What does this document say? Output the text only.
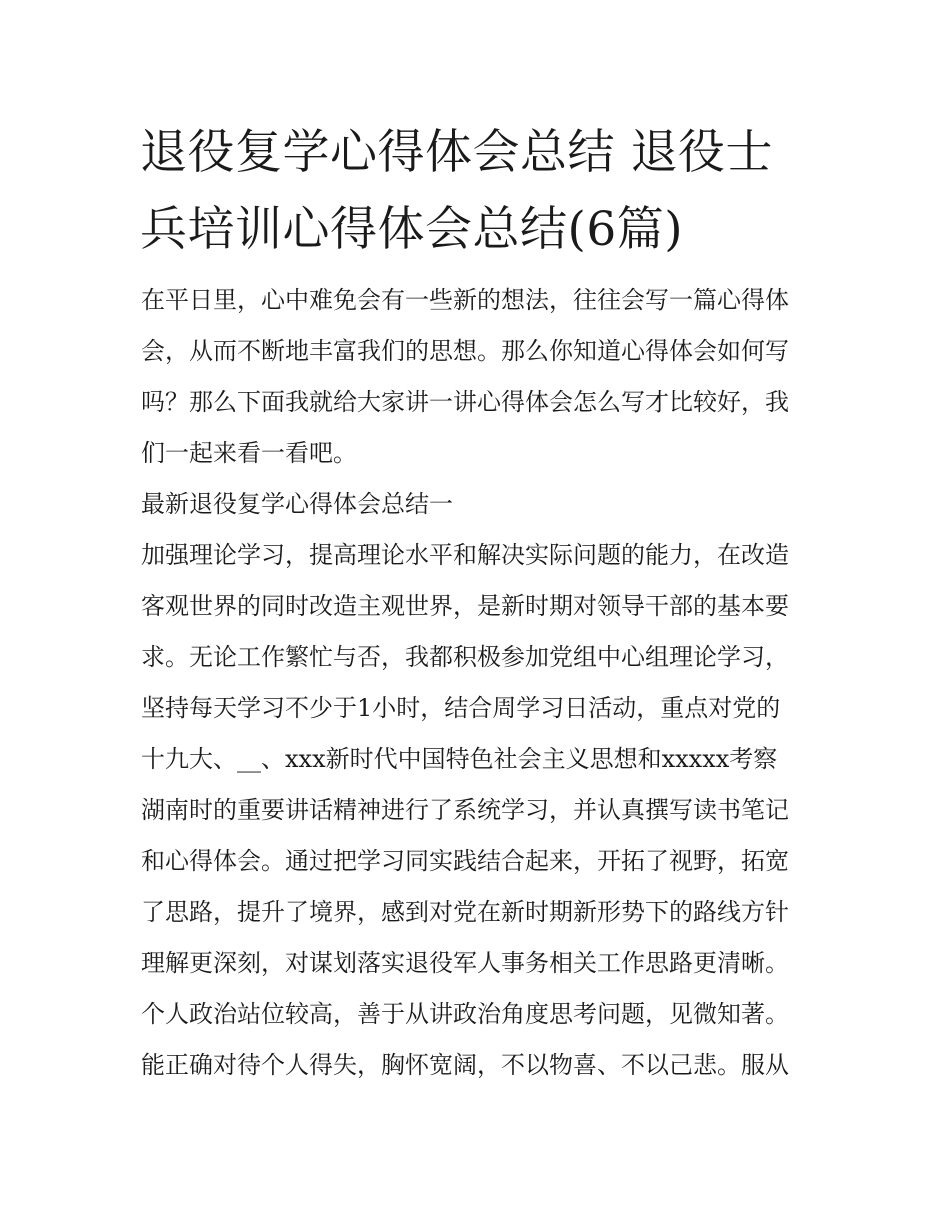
退役复学心得体会总结 退役士
兵培训心得体会总结(6篇)

在平日里，心中难免会有一些新的想法，往往会写一篇心得体

会，从而不断地丰富我们的思想。那么你知道心得体会如何写

吗？那么下面我就给大家讲一讲心得体会怎么写才比较好，我

们一起来看一看吧。

最新退役复学心得体会总结一

加强理论学习，提高理论水平和解决实际问题的能力，在改造

客观世界的同时改造主观世界，是新时期对领导干部的基本要

求。无论工作繁忙与否，我都积极参加党组中心组理论学习，

坚持每天学习不少于1小时，结合周学习日活动，重点对党的

十九大、__、xxx新时代中国特色社会主义思想和xxxxx考察

湖南时的重要讲话精神进行了系统学习，并认真撰写读书笔记

和心得体会。通过把学习同实践结合起来，开拓了视野，拓宽

了思路，提升了境界，感到对党在新时期新形势下的路线方针

理解更深刻，对谋划落实退役军人事务相关工作思路更清晰。

个人政治站位较高，善于从讲政治角度思考问题，见微知著。

能正确对待个人得失，胸怀宽阔，不以物喜、不以己悲。服从
